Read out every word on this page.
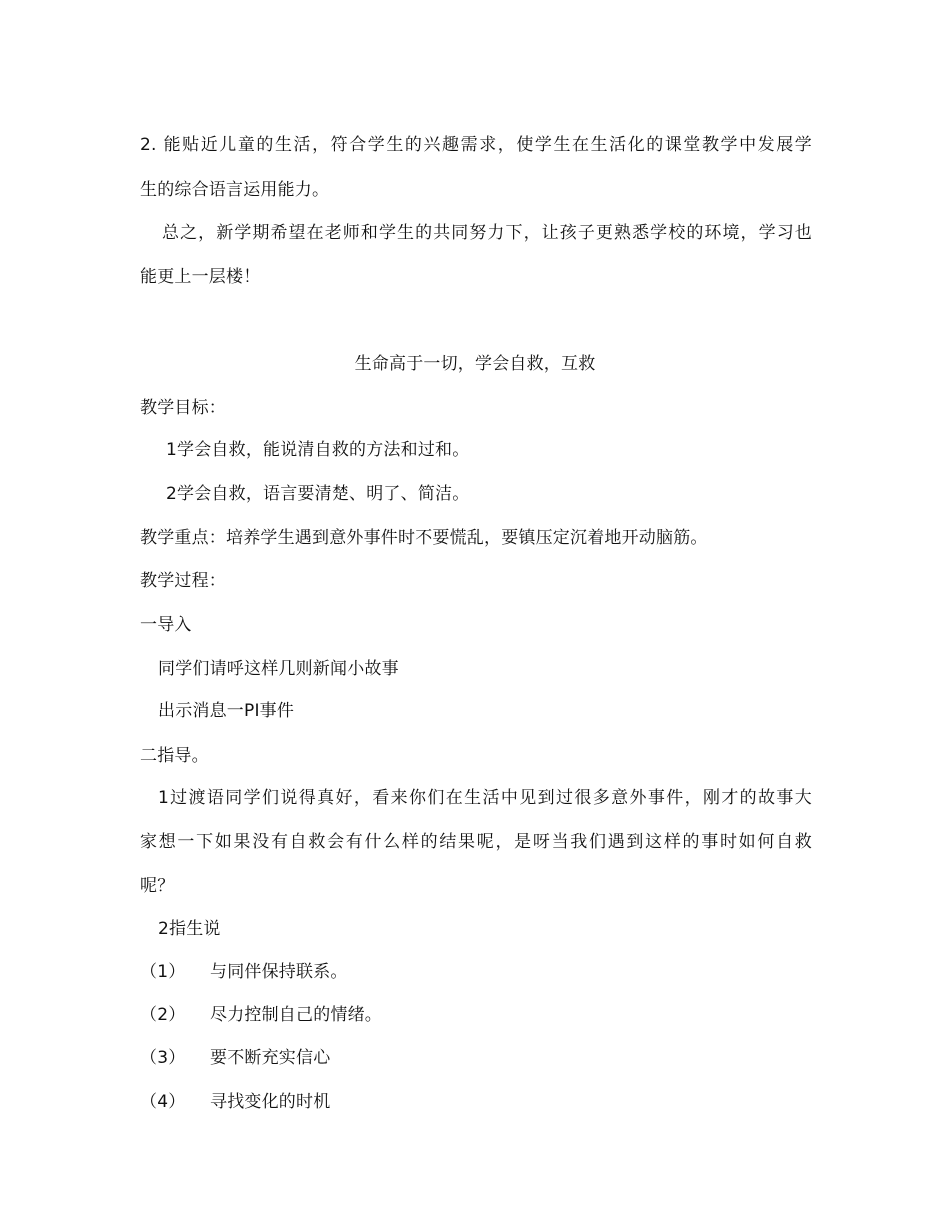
2. 能贴近儿童的生活，符合学生的兴趣需求，使学生在生活化的课堂教学中发展学
生的综合语言运用能力。
总之，新学期希望在老师和学生的共同努力下，让孩子更熟悉学校的环境，学习也
能更上一层楼！
生命高于一切，学会自救，互救
教学目标：
1学会自救，能说清自救的方法和过和。
2学会自救，语言要清楚、明了、简洁。
教学重点：培养学生遇到意外事件时不要慌乱，要镇压定沉着地开动脑筋。
教学过程：
一导入
同学们请呼这样几则新闻小故事
出示消息一PI事件
二指导。
1过渡语同学们说得真好，看来你们在生活中见到过很多意外事件，刚才的故事大
家想一下如果没有自救会有什么样的结果呢，是呀当我们遇到这样的事时如何自救
呢？
2指生说
（1） 与同伴保持联系。
（2） 尽力控制自己的情绪。
（3） 要不断充实信心
（4） 寻找变化的时机
